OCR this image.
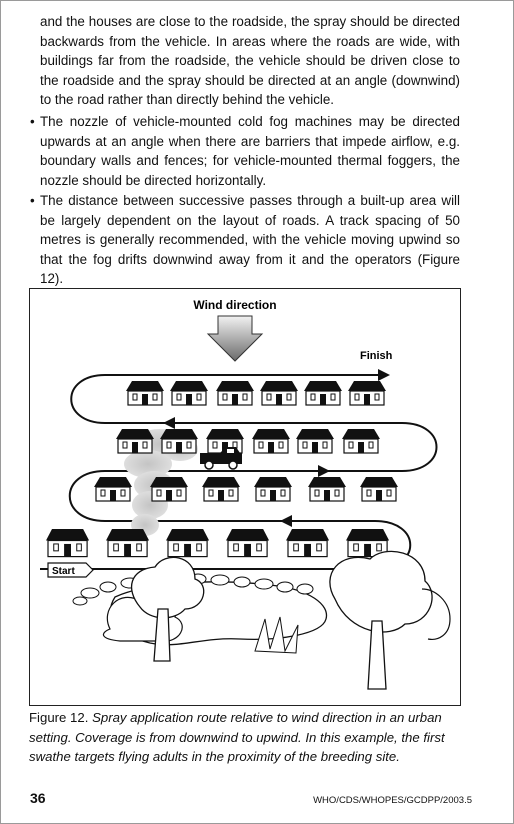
and the houses are close to the roadside, the spray should be directed backwards from the vehicle. In areas where the roads are wide, with buildings far from the roadside, the vehicle should be driven close to the roadside and the spray should be directed at an angle (downwind) to the road rather than directly behind the vehicle.
• The nozzle of vehicle-mounted cold fog machines may be directed upwards at an angle when there are barriers that impede airflow, e.g. boundary walls and fences; for vehicle-mounted thermal foggers, the nozzle should be directed horizontally.
• The distance between successive passes through a built-up area will be largely dependent on the layout of roads. A track spacing of 50 metres is generally recommended, with the vehicle moving upwind so that the fog drifts downwind away from it and the operators (Figure 12).
Wind direction
Finish
Start
Figure 12. Spray application route relative to wind direction in an urban setting. Coverage is from downwind to upwind. In this example, the first swathe targets flying adults in the proximity of the breeding site.
36	WHO/CDS/WHOPES/GCDPP/2003.5
